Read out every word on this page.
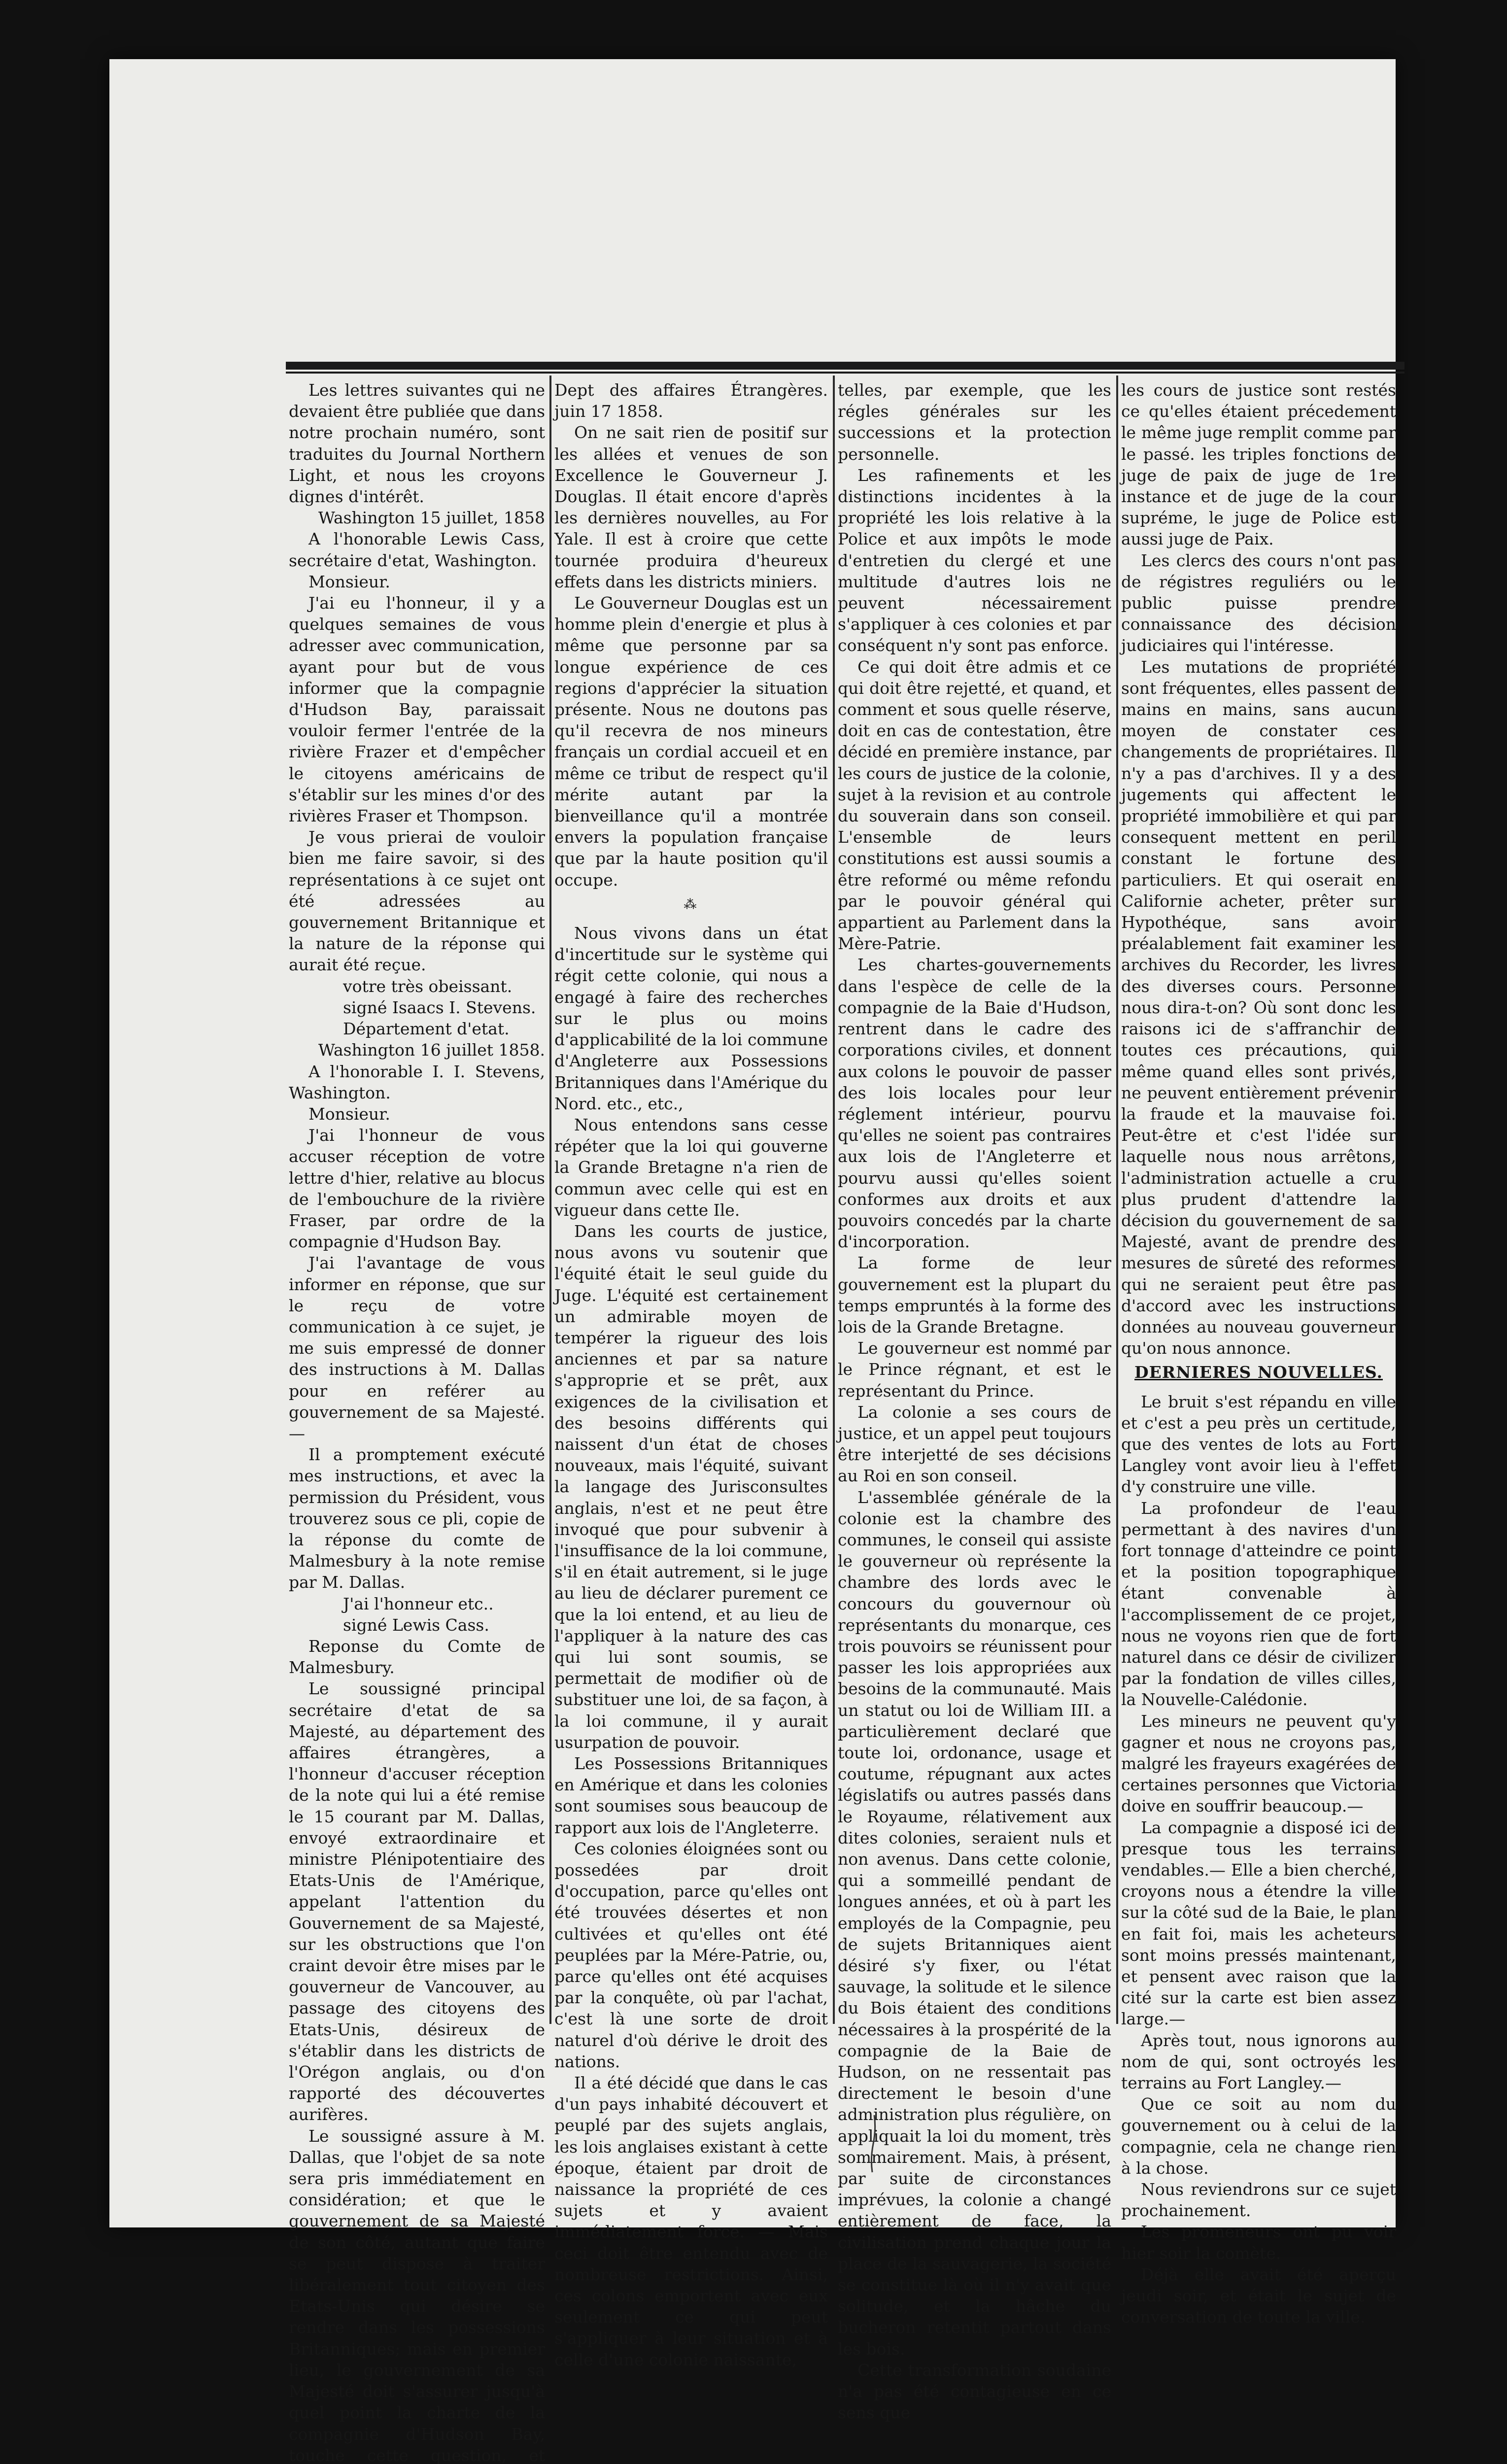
Les lettres suivantes qui ne devaient être publiée que dans notre prochain numéro, sont traduites du Journal Northern Light, et nous les croyons dignes d'intérêt.

Washington 15 juillet, 1858

A l'honorable Lewis Cass, secrétaire d'etat, Washington.

Monsieur.

J'ai eu l'honneur, il y a quelques semaines de vous adresser avec communication, ayant pour but de vous informer que la compagnie d'Hudson Bay, paraissait vouloir fermer l'entrée de la rivière Frazer et d'empêcher le citoyens américains de s'établir sur les mines d'or des rivières Fraser et Thompson.

Je vous prierai de vouloir bien me faire savoir, si des représentations à ce sujet ont été adressées au gouvernement Britannique et la nature de la réponse qui aurait été reçue.

votre très obeissant.

signé Isaacs I. Stevens.

Département d'etat.

Washington 16 juillet 1858.

A l'honorable I. I. Stevens, Washington.

Monsieur.

J'ai l'honneur de vous accuser réception de votre lettre d'hier, relative au blocus de l'embouchure de la rivière Fraser, par ordre de la compagnie d'Hudson Bay.

J'ai l'avantage de vous informer en réponse, que sur le reçu de votre communication à ce sujet, je me suis empressé de donner des instructions à M. Dallas pour en reférer au gouvernement de sa Majesté. —

Il a promptement exécuté mes instructions, et avec la permission du Président, vous trouverez sous ce pli, copie de la réponse du comte de Malmesbury à la note remise par M. Dallas.

J'ai l'honneur etc..

signé Lewis Cass.

Reponse du Comte de Malmesbury.

Le soussigné principal secrétaire d'etat de sa Majesté, au département des affaires étrangères, a l'honneur d'accuser réception de la note qui lui a été remise le 15 courant par M. Dallas, envoyé extraordinaire et ministre Plénipotentiaire des Etats-Unis de l'Amérique, appelant l'attention du Gouvernement de sa Majesté, sur les obstructions que l'on craint devoir être mises par le gouverneur de Vancouver, au passage des citoyens des Etats-Unis, désireux de s'établir dans les districts de l'Orégon anglais, ou d'on rapporté des découvertes aurifères.

Le soussigné assure à M. Dallas, que l'objet de sa note sera pris immédiatement en considération; et que le gouvernement de sa Majesté de son côté, autant que faire se peut dispose à traiter libéralement tout citoyen des Etats-Unis qui désire se rendre dans les possessions Britanniques; mais en premier lieu, le gouvernement de sa Majesté doit s'assurer jusqu'à quel point la charte de la compagnie d'Hudson Bay, touche cette question, et

Dept des affaires Étrangères. juin 17 1858.

On ne sait rien de positif sur les allées et venues de son Excellence le Gouverneur J. Douglas. Il était encore d'après les dernières nouvelles, au For Yale. Il est à croire que cette tournée produira d'heureux effets dans les districts miniers.

Le Gouverneur Douglas est un homme plein d'energie et plus à même que personne par sa longue expérience de ces regions d'apprécier la situation présente. Nous ne doutons pas qu'il recevra de nos mineurs français un cordial accueil et en même ce tribut de respect qu'il mérite autant par la bienveillance qu'il a montrée envers la population française que par la haute position qu'il occupe.

⁂

Nous vivons dans un état d'incertitude sur le système qui régit cette colonie, qui nous a engagé à faire des recherches sur le plus ou moins d'applicabilité de la loi commune d'Angleterre aux Possessions Britanniques dans l'Amérique du Nord. etc., etc.,

Nous entendons sans cesse répéter que la loi qui gouverne la Grande Bretagne n'a rien de commun avec celle qui est en vigueur dans cette Ile.

Dans les courts de justice, nous avons vu soutenir que l'équité était le seul guide du Juge. L'équité est certainement un admirable moyen de tempérer la rigueur des lois anciennes et par sa nature s'approprie et se prêt, aux exigences de la civilisation et des besoins différents qui naissent d'un état de choses nouveaux, mais l'équité, suivant la langage des Jurisconsultes anglais, n'est et ne peut être invoqué que pour subvenir à l'insuffisance de la loi commune, s'il en était autrement, si le juge au lieu de déclarer purement ce que la loi entend, et au lieu de l'appliquer à la nature des cas qui lui sont soumis, se permettait de modifier où de substituer une loi, de sa façon, à la loi commune, il y aurait usurpation de pouvoir.

Les Possessions Britanniques en Amérique et dans les colonies sont soumises sous beaucoup de rapport aux lois de l'Angleterre.

Ces colonies éloignées sont ou possedées par droit d'occupation, parce qu'elles ont été trouvées désertes et non cultivées et qu'elles ont été peuplées par la Mére-Patrie, ou, parce qu'elles ont été acquises par la conquête, où par l'achat, c'est là une sorte de droit naturel d'où dérive le droit des nations.

Il a été décidé que dans le cas d'un pays inhabité découvert et peuplé par des sujets anglais, les lois anglaises existant à cette époque, étaient par droit de naissance la propriété de ces sujets et y avaient immédiatement force. — Mais ceci doit être entendu avec de nombreuse restrictions. Ainsi, ces colons emportent avec eux seulement ce qui peut s'appliquer à leur situation et à celle d'une colonie naissante,

telles, par exemple, que les régles générales sur les successions et la protection personnelle.

Les rafinements et les distinctions incidentes à la propriété les lois relative à la Police et aux impôts le mode d'entretien du clergé et une multitude d'autres lois ne peuvent nécessairement s'appliquer à ces colonies et par conséquent n'y sont pas enforce.

Ce qui doit être admis et ce qui doit être rejetté, et quand, et comment et sous quelle réserve, doit en cas de contestation, être décidé en première instance, par les cours de justice de la colonie, sujet à la revision et au controle du souverain dans son conseil. L'ensemble de leurs constitutions est aussi soumis a être reformé ou même refondu par le pouvoir général qui appartient au Parlement dans la Mère-Patrie.

Les chartes-gouvernements dans l'espèce de celle de la compagnie de la Baie d'Hudson, rentrent dans le cadre des corporations civiles, et donnent aux colons le pouvoir de passer des lois locales pour leur réglement intérieur, pourvu qu'elles ne soient pas contraires aux lois de l'Angleterre et pourvu aussi qu'elles soient conformes aux droits et aux pouvoirs concedés par la charte d'incorporation.

La forme de leur gouvernement est la plupart du temps empruntés à la forme des lois de la Grande Bretagne.

Le gouverneur est nommé par le Prince régnant, et est le représentant du Prince.

La colonie a ses cours de justice, et un appel peut toujours être interjetté de ses décisions au Roi en son conseil.

L'assemblée générale de la colonie est la chambre des communes, le conseil qui assiste le gouverneur où représente la chambre des lords avec le concours du gouvernour où représentants du monarque, ces trois pouvoirs se réunissent pour passer les lois appropriées aux besoins de la communauté. Mais un statut ou loi de William III. a particulièrement declaré que toute loi, ordonance, usage et coutume, répugnant aux actes législatifs ou autres passés dans le Royaume, rélativement aux dites colonies, seraient nuls et non avenus. Dans cette colonie, qui a sommeillé pendant de longues années, et où à part les employés de la Compagnie, peu de sujets Britanniques aient désiré s'y fixer, ou l'état sauvage, la solitude et le silence du Bois étaient des conditions nécessaires à la prospérité de la compagnie de la Baie de Hudson, on ne ressentait pas directement le besoin d'une administration plus régulière, on appliquait la loi du moment, très sommairement. Mais, à présent, par suite de circonstances imprévues, la colonie a changé entièrement de face, la civilisation prend chaque jour la place de la sauvagerie, la société se constitue là où il n'y avait que solitude, et la hâche du bucheron retentit partout dans les bois.

Cette transformation soudaine n'a pas été contagieuse en ce sens que

les cours de justice sont restés ce qu'elles étaient précedement le même juge remplit comme par le passé. les triples fonctions de juge de paix de juge de 1re instance et de juge de la cour supréme, le juge de Police est aussi juge de Paix.

Les clercs des cours n'ont pas de régistres reguliérs ou le public puisse prendre connaissance des décision judiciaires qui l'intéresse.

Les mutations de propriété sont fréquentes, elles passent de mains en mains, sans aucun moyen de constater ces changements de propriétaires. Il n'y a pas d'archives. Il y a des jugements qui affectent le propriété immobilière et qui par consequent mettent en peril constant le fortune des particuliers. Et qui oserait en Californie acheter, prêter sur Hypothéque, sans avoir préalablement fait examiner les archives du Recorder, les livres des diverses cours. Personne nous dira-t-on? Où sont donc les raisons ici de s'affranchir de toutes ces précautions, qui même quand elles sont privés, ne peuvent entièrement prévenir la fraude et la mauvaise foi. Peut-être et c'est l'idée sur laquelle nous nous arrêtons, l'administration actuelle a cru plus prudent d'attendre la décision du gouvernement de sa Majesté, avant de prendre des mesures de sûreté des reformes qui ne seraient peut être pas d'accord avec les instructions données au nouveau gouverneur qu'on nous annonce.

DERNIERES NOUVELLES.

Le bruit s'est répandu en ville et c'est a peu près un certitude, que des ventes de lots au Fort Langley vont avoir lieu à l'effet d'y construire une ville.

La profondeur de l'eau permettant à des navires d'un fort tonnage d'atteindre ce point et la position topographique étant convenable à l'accomplissement de ce projet, nous ne voyons rien que de fort naturel dans ce désir de civilizer par la fondation de villes cilles, la Nouvelle-Calédonie.

Les mineurs ne peuvent qu'y gagner et nous ne croyons pas, malgré les frayeurs exagérées de certaines personnes que Victoria doive en souffrir beaucoup.—

La compagnie a disposé ici de presque tous les terrains vendables.— Elle a bien cherché, croyons nous a étendre la ville sur la côté sud de la Baie, le plan en fait foi, mais les acheteurs sont moins pressés maintenant, et pensent avec raison que la cité sur la carte est bien assez large.—

Après tout, nous ignorons au nom de qui, sont octroyés les terrains au Fort Langley.—

Que ce soit au nom du gouvernement ou à celui de la compagnie, cela ne change rien à la chose.

Nous reviendrons sur ce sujet prochainement.

Les promeneurs ont pu voir hier soir la comète.

Déjà elle avait été aperçu jeudi soir, et était le sujet de conversation de toute la ville.
